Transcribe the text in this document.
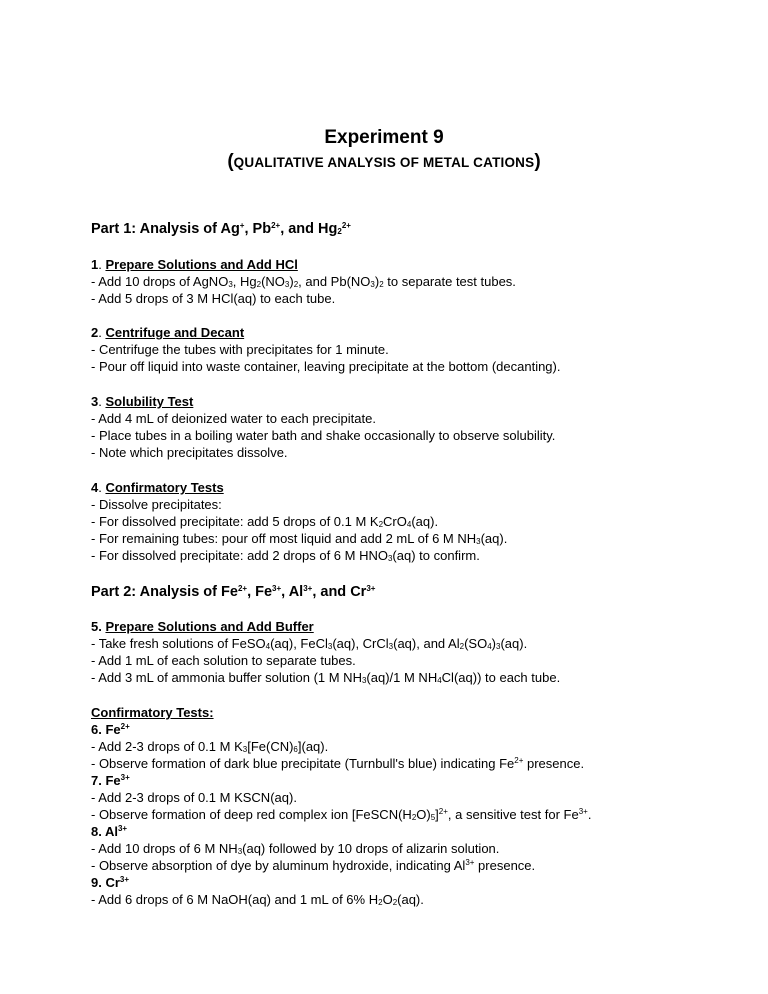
Experiment 9
(QUALITATIVE ANALYSIS OF METAL CATIONS)
Part 1: Analysis of Ag+, $Pb^{2+}$, and $Hg_2^{2+}$
1. Prepare Solutions and Add HCl
- Add 10 drops of AgNO$_3$, $Hg_2(NO_3)_2$, and $Pb(NO_3)_2$ to separate test tubes.
- Add 5 drops of 3 M HCl(aq) to each tube.
2. Centrifuge and Decant
- Centrifuge the tubes with precipitates for 1 minute.
- Pour off liquid into waste container, leaving precipitate at the bottom (decanting).
3. Solubility Test
- Add 4 mL of deionized water to each precipitate.
- Place tubes in a boiling water bath and shake occasionally to observe solubility.
- Note which precipitates dissolve.
4. Confirmatory Tests
- Dissolve precipitates:
- For dissolved precipitate: add 5 drops of 0.1 M $K_2CrO_4(aq)$.
- For remaining tubes: pour off most liquid and add 2 mL of 6 M $NH_3(aq)$.
- For dissolved precipitate: add 2 drops of 6 M $HNO_3(aq)$ to confirm.
Part 2: Analysis of $Fe^{2+}$, $Fe^{3+}$, $Al^{3+}$, and $Cr^{3+}$
5. Prepare Solutions and Add Buffer
- Take fresh solutions of FeSO$_4$(aq), FeCl$_3$(aq), CrCl$_3$(aq), and $Al_2(SO_4)_3(aq)$.
- Add 1 mL of each solution to separate tubes.
- Add 3 mL of ammonia buffer solution (1 M $NH_3(aq)/1$ M $NH_4Cl(aq)$) to each tube.
Confirmatory Tests:
6. $Fe^{2+}$
- Add 2-3 drops of 0.1 M $K_3[Fe(CN)_6](aq)$.
- Observe formation of dark blue precipitate (Turnbull's blue) indicating $Fe^{2+}$ presence.
7. $Fe^{3+}$
- Add 2-3 drops of 0.1 M KSCN(aq).
- Observe formation of deep red complex ion $[FeSCN(H_2O)_5]^{2+}$, a sensitive test for $Fe^{3+}$.
8. $Al^{3+}$
- Add 10 drops of 6 M $NH_3(aq)$ followed by 10 drops of alizarin solution.
- Observe absorption of dye by aluminum hydroxide, indicating $Al^{3+}$ presence.
9. $Cr^{3+}$
- Add 6 drops of 6 M NaOH(aq) and 1 mL of 6% $H_2O_2(aq)$.
